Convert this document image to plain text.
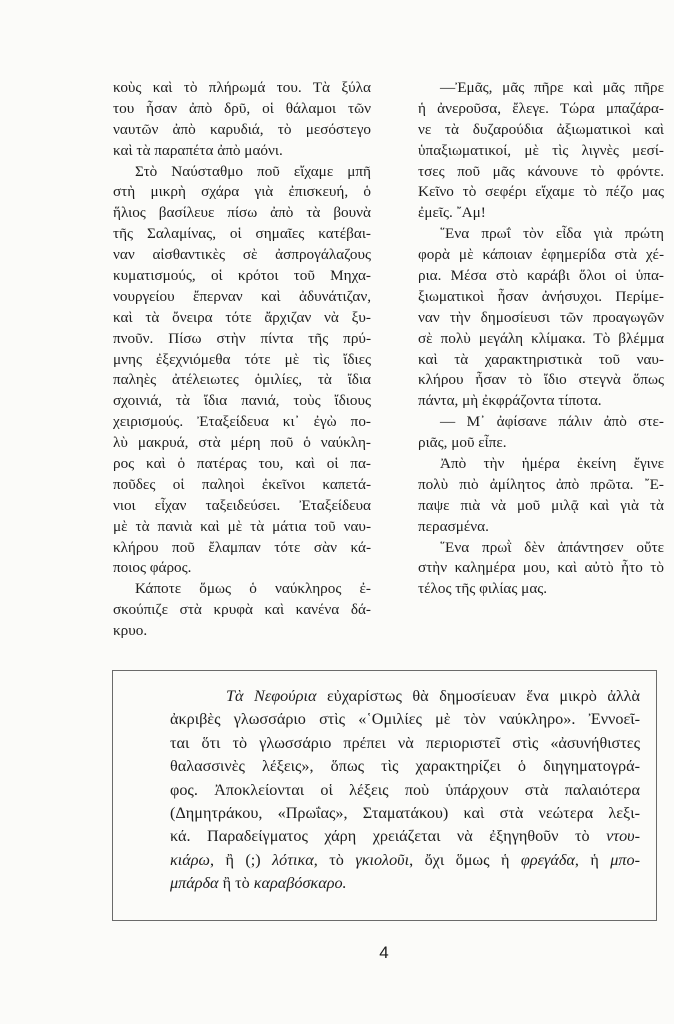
κοὺς καὶ τὸ πλήρωμά του. Τὰ ξύλα
του ἦσαν ἀπὸ δρῦ, οἱ θάλαμοι τῶν
ναυτῶν ἀπὸ καρυδιά, τὸ μεσόστεγο
καὶ τὰ παραπέτα ἀπὸ μαόνι.
Στὸ Ναύσταθμο ποῦ εἴχαμε μπῆ
στὴ μικρὴ σχάρα γιὰ ἐπισκευή, ὁ
ἥλιος βασίλευε πίσω ἀπὸ τὰ βουνὰ
τῆς Σαλαμίνας, οἱ σημαῖες κατέβαι-
ναν αἰσθαντικὲς σὲ ἀσπρογάλαζους
κυματισμούς, οἱ κρότοι τοῦ Μηχα-
νουργείου ἔπερναν καὶ ἀδυνάτιζαν,
καὶ τὰ ὄνειρα τότε ἄρχιζαν νὰ ξυ-
πνοῦν. Πίσω στὴν πίντα τῆς πρύ-
μνης ἐξεχνιόμεθα τότε μὲ τὶς ἴδιες
παληὲς ἀτέλειωτες ὁμιλίες, τὰ ἴδια
σχοινιά, τὰ ἴδια πανιά, τοὺς ἴδιους
χειρισμούς. Ἐταξείδευα κι᾽ ἐγὼ πο-
λὺ μακρυά, στὰ μέρη ποῦ ὁ ναύκλη-
ρος καὶ ὁ πατέρας του, καὶ οἱ πα-
ποῦδες οἱ παληοὶ ἐκεῖνοι καπετά-
νιοι εἶχαν ταξειδεύσει. Ἐταξείδευα
μὲ τὰ πανιὰ καὶ μὲ τὰ μάτια τοῦ ναυ-
κλήρου ποῦ ἔλαμπαν τότε σὰν κά-
ποιος φάρος.
Κάποτε ὅμως ὁ ναύκληρος ἐ-
σκούπιζε στὰ κρυφὰ καὶ κανένα δά-
κρυο.
—Ἐμᾶς, μᾶς πῆρε καὶ μᾶς πῆρε
ἡ ἀνεροῦσα, ἔλεγε. Τώρα μπαζάρα-
νε τὰ δυζαρούδια ἀξιωματικοὶ καὶ
ὑπαξιωματικοί, μὲ τὶς λιγνὲς μεσί-
τσες ποῦ μᾶς κάνουνε τὸ φρόντε.
Κεῖνο τὸ σεφέρι εἴχαμε τὸ πέζο μας
ἐμεῖς. ῎Αμ!
῞Ενα πρωΐ τὸν εἶδα γιὰ πρώτη
φορὰ μὲ κάποιαν ἐφημερίδα στὰ χέ-
ρια. Μέσα στὸ καράβι ὅλοι οἱ ὑπα-
ξιωματικοὶ ἦσαν ἀνήσυχοι. Περίμε-
ναν τὴν δημοσίευσι τῶν προαγωγῶν
σὲ πολὺ μεγάλη κλίμακα. Τὸ βλέμμα
καὶ τὰ χαρακτηριστικὰ τοῦ ναυ-
κλήρου ἦσαν τὸ ἴδιο στεγνὰ ὅπως
πάντα, μὴ ἐκφράζοντα τίποτα.
— Μ᾽ ἀφίσανε πάλιν ἀπὸ στε-
ριᾶς, μοῦ εἶπε.
Ἀπὸ τὴν ἡμέρα ἐκείνη ἔγινε
πολὺ πιὸ ἀμίλητος ἀπὸ πρῶτα. ῎Ε-
παψε πιὰ νὰ μοῦ μιλᾷ καὶ γιὰ τὰ
περασμένα.
῞Ενα πρωῒ δὲν ἀπάντησεν οὔτε
στὴν καλημέρα μου, καὶ αὐτὸ ἦτο τὸ
τέλος τῆς φιλίας μας.
Τὰ Νεφούρια εὐχαρίστως θὰ δημοσίευαν ἕνα μικρὸ ἀλλὰ
ἀκριβὲς γλωσσάριο στὶς «῾Ομιλίες μὲ τὸν ναύκληρο». Ἐννοεῖ-
ται ὅτι τὸ γλωσσάριο πρέπει νὰ περιοριστεῖ στὶς «ἀσυνήθιστες
θαλασσινὲς λέξεις», ὅπως τὶς χαρακτηρίζει ὁ διηγηματογρά-
φος. Ἀποκλείονται οἱ λέξεις ποὺ ὑπάρχουν στὰ παλαιότερα
(Δημητράκου, «Πρωΐας», Σταματάκου) καὶ στὰ νεώτερα λεξι-
κά. Παραδείγματος χάρη χρειάζεται νὰ ἐξηγηθοῦν τὸ ντου-
κιάρω, ἢ (;) λότικα, τὸ γκιολοῦι, ὄχι ὅμως ἡ φρεγάδα, ἡ μπο-
μπάρδα ἢ τὸ καραβόσκαρο.
4
